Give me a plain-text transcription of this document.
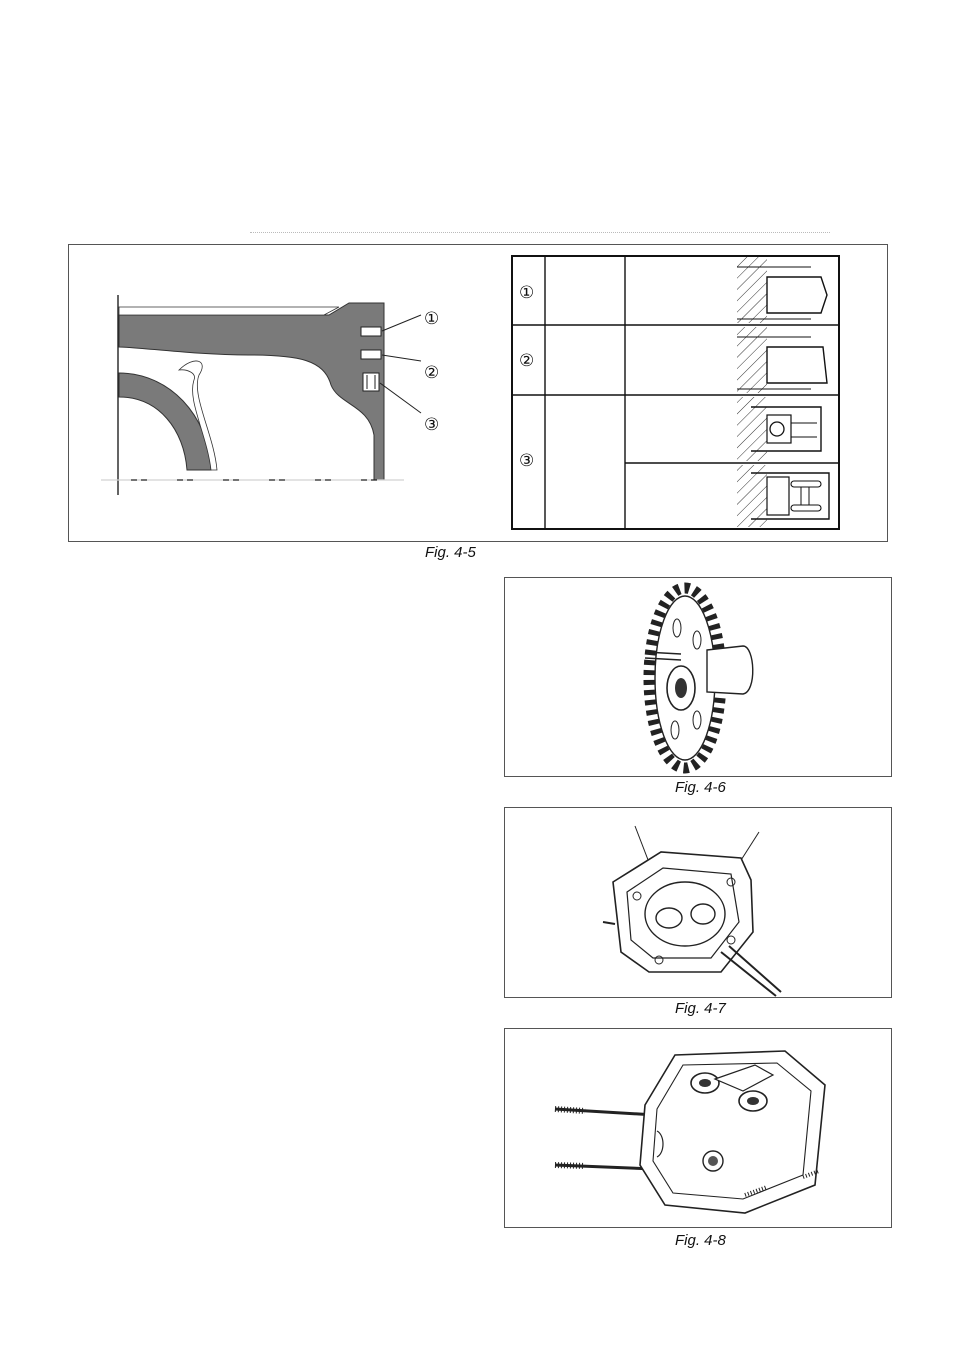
①
②
③
①
②
③
Fig. 4-5
Fig. 4-6
Fig. 4-7
Fig. 4-8
